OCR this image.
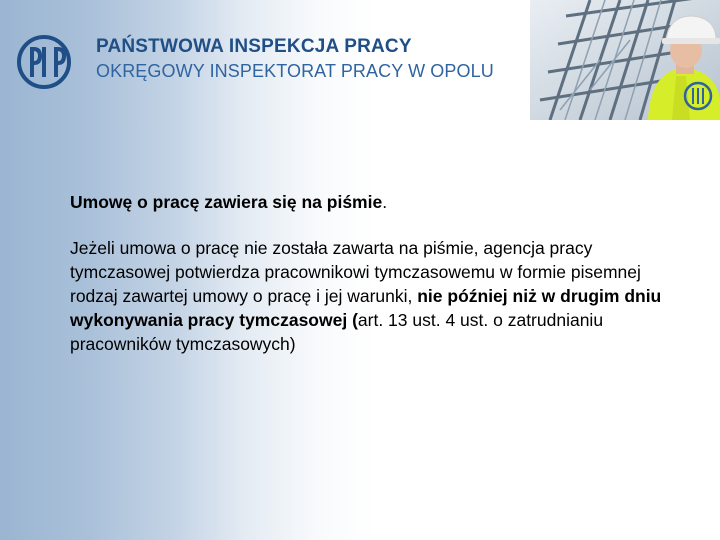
PAŃSTWOWA INSPEKCJA PRACY
OKRĘGOWY INSPEKTORAT PRACY W OPOLU

Umowę o pracę zawiera się na piśmie.

Jeżeli umowa o pracę nie została zawarta na piśmie, agencja pracy tymczasowej potwierdza pracownikowi tymczasowemu w formie pisemnej rodzaj zawartej umowy o pracę i jej warunki, nie później niż w drugim dniu wykonywania pracy tymczasowej (art. 13 ust. 4 ust. o zatrudnianiu pracowników tymczasowych)
